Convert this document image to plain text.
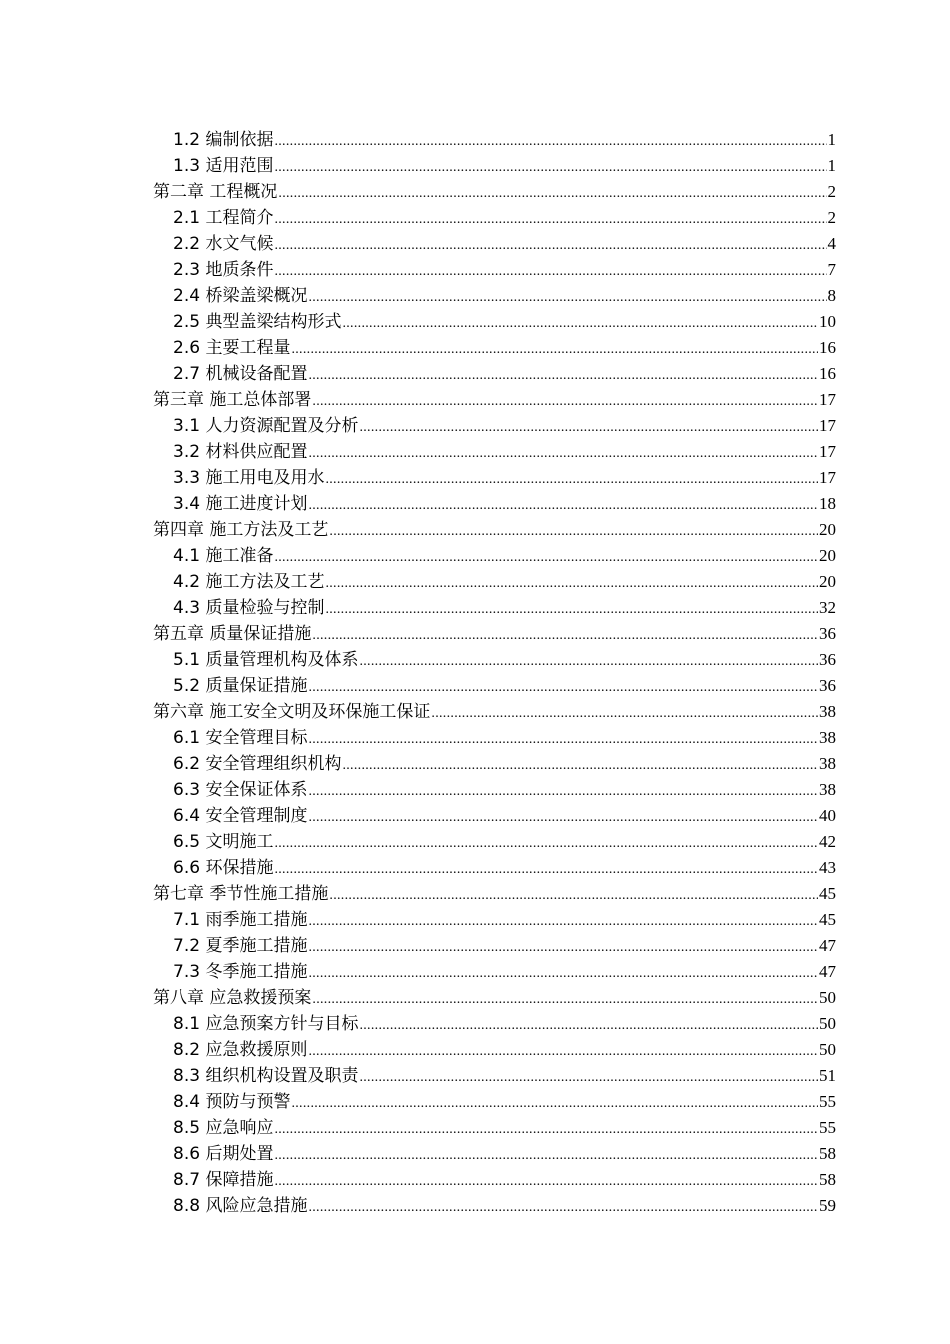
1.2 编制依据 .....	1
1.3 适用范围 .....	1
第二章 工程概况 .....	2
2.1 工程简介 .....	2
2.2 水文气候 .....	4
2.3 地质条件 .....	7
2.4 桥梁盖梁概况 .....	8
2.5 典型盖梁结构形式 .....	10
2.6 主要工程量 .....	16
2.7 机械设备配置 .....	16
第三章 施工总体部署 .....	17
3.1 人力资源配置及分析 .....	17
3.2 材料供应配置 .....	17
3.3 施工用电及用水 .....	17
3.4 施工进度计划 .....	18
第四章 施工方法及工艺 .....	20
4.1 施工准备 .....	20
4.2 施工方法及工艺 .....	20
4.3 质量检验与控制 .....	32
第五章 质量保证措施 .....	36
5.1 质量管理机构及体系 .....	36
5.2 质量保证措施 .....	36
第六章 施工安全文明及环保施工保证 .....	38
6.1 安全管理目标 .....	38
6.2 安全管理组织机构 .....	38
6.3 安全保证体系 .....	38
6.4 安全管理制度 .....	40
6.5 文明施工 .....	42
6.6 环保措施 .....	43
第七章 季节性施工措施 .....	45
7.1 雨季施工措施 .....	45
7.2 夏季施工措施 .....	47
7.3 冬季施工措施 .....	47
第八章 应急救援预案 .....	50
8.1 应急预案方针与目标 .....	50
8.2 应急救援原则 .....	50
8.3 组织机构设置及职责 .....	51
8.4 预防与预警 .....	55
8.5 应急响应 .....	55
8.6 后期处置 .....	58
8.7 保障措施 .....	58
8.8 风险应急措施 .....	59
